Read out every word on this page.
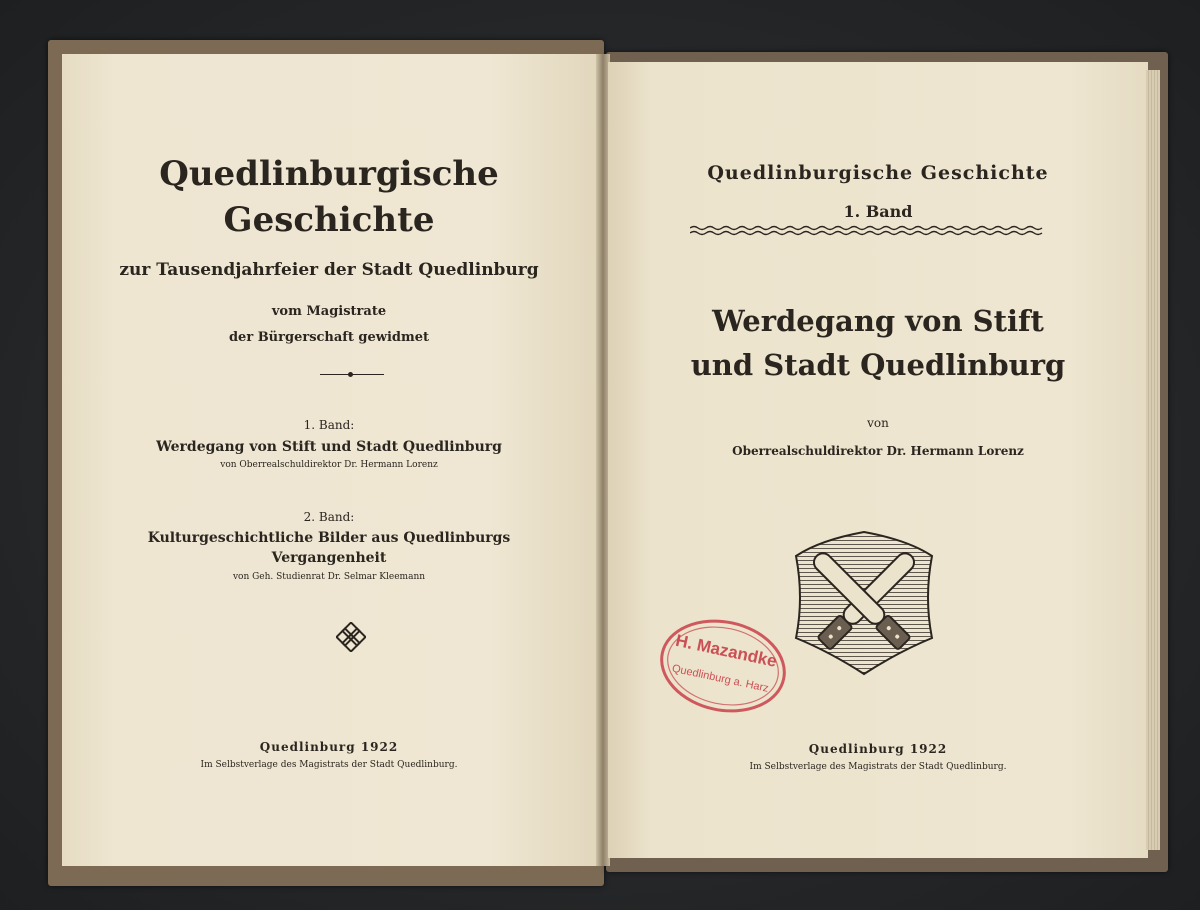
Quedlinburgische
Geschichte
zur Tausendjahrfeier der Stadt Quedlinburg
vom Magistrate
der Bürgerschaft gewidmet
1. Band:
Werdegang von Stift und Stadt Quedlinburg
von Oberrealschuldirektor Dr. Hermann Lorenz
2. Band:
Kulturgeschichtliche Bilder aus Quedlinburgs
Vergangenheit
von Geh. Studienrat Dr. Selmar Kleemann
Quedlinburg 1922
Im Selbstverlage des Magistrats der Stadt Quedlinburg.
Quedlinburgische Geschichte
1. Band
Werdegang von Stift
und Stadt Quedlinburg
von
Oberrealschuldirektor Dr. Hermann Lorenz
Quedlinburg 1922
Im Selbstverlage des Magistrats der Stadt Quedlinburg.
H. Mazandke
Quedlinburg a. Harz
